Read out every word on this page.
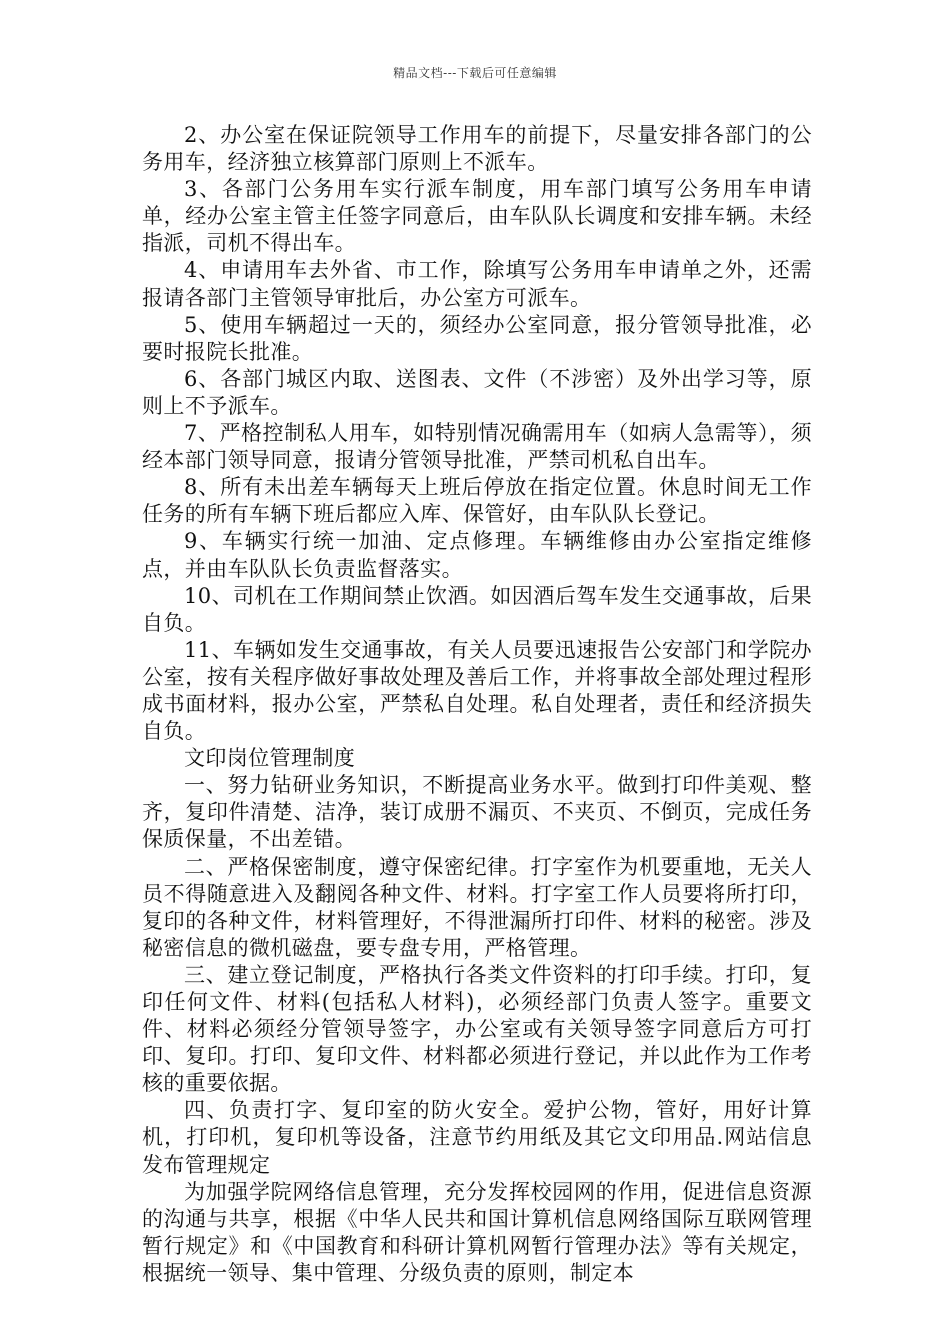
精品文档---下载后可任意编辑

2、办公室在保证院领导工作用车的前提下，尽量安排各部门的公务用车，经济独立核算部门原则上不派车。

3、各部门公务用车实行派车制度，用车部门填写公务用车申请单，经办公室主管主任签字同意后，由车队队长调度和安排车辆。未经指派，司机不得出车。

4、申请用车去外省、市工作，除填写公务用车申请单之外，还需报请各部门主管领导审批后，办公室方可派车。

5、使用车辆超过一天的，须经办公室同意，报分管领导批准，必要时报院长批准。

6、各部门城区内取、送图表、文件（不涉密）及外出学习等，原则上不予派车。

7、严格控制私人用车，如特别情况确需用车（如病人急需等），须经本部门领导同意，报请分管领导批准，严禁司机私自出车。

8、所有未出差车辆每天上班后停放在指定位置。休息时间无工作任务的所有车辆下班后都应入库、保管好，由车队队长登记。

9、车辆实行统一加油、定点修理。车辆维修由办公室指定维修点，并由车队队长负责监督落实。

10、司机在工作期间禁止饮酒。如因酒后驾车发生交通事故，后果自负。

11、车辆如发生交通事故，有关人员要迅速报告公安部门和学院办公室，按有关程序做好事故处理及善后工作，并将事故全部处理过程形成书面材料，报办公室，严禁私自处理。私自处理者，责任和经济损失自负。

文印岗位管理制度

一、努力钻研业务知识，不断提高业务水平。做到打印件美观、整齐，复印件清楚、洁净，装订成册不漏页、不夹页、不倒页，完成任务保质保量，不出差错。

二、严格保密制度，遵守保密纪律。打字室作为机要重地，无关人员不得随意进入及翻阅各种文件、材料。打字室工作人员要将所打印，复印的各种文件，材料管理好，不得泄漏所打印件、材料的秘密。涉及秘密信息的微机磁盘，要专盘专用，严格管理。

三、建立登记制度，严格执行各类文件资料的打印手续。打印，复印任何文件、材料(包括私人材料)，必须经部门负责人签字。重要文件、材料必须经分管领导签字，办公室或有关领导签字同意后方可打印、复印。打印、复印文件、材料都必须进行登记，并以此作为工作考核的重要依据。

四、负责打字、复印室的防火安全。爱护公物，管好，用好计算机，打印机，复印机等设备，注意节约用纸及其它文印用品.网站信息发布管理规定

为加强学院网络信息管理，充分发挥校园网的作用，促进信息资源的沟通与共享，根据《中华人民共和国计算机信息网络国际互联网管理暂行规定》和《中国教育和科研计算机网暂行管理办法》等有关规定，根据统一领导、集中管理、分级负责的原则，制定本
